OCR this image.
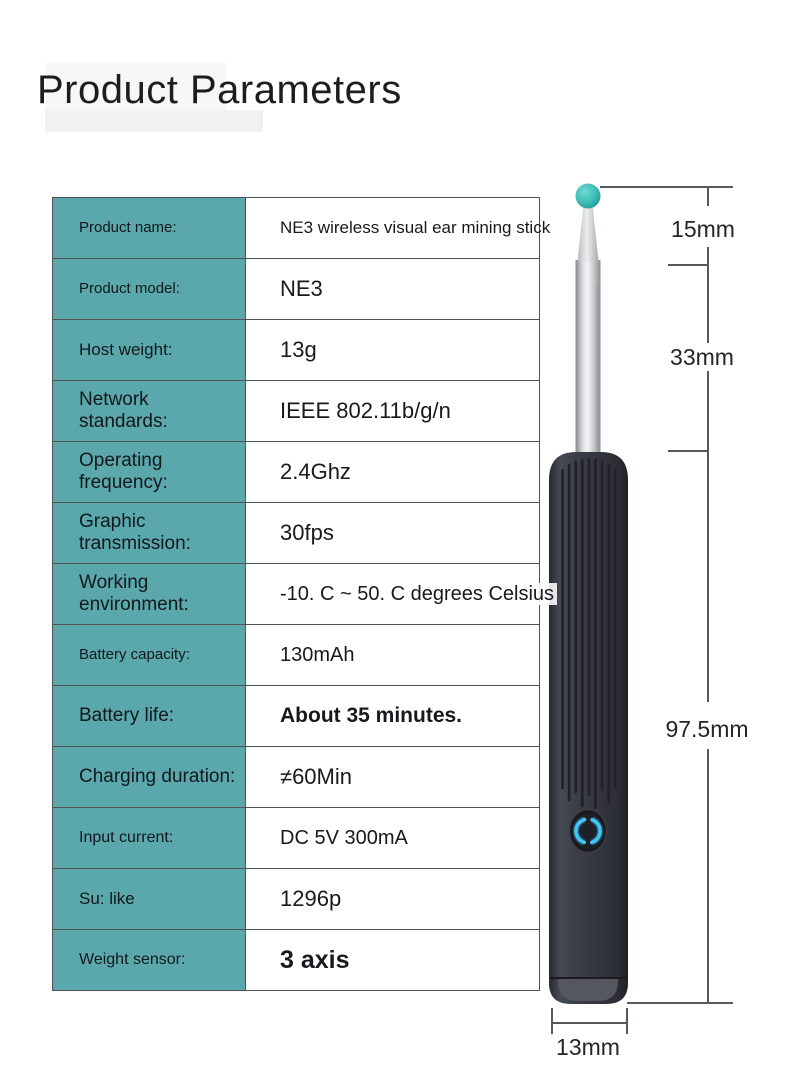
Product Parameters
Product name:	NE3 wireless visual ear mining stick
Product model:	NE3
Host weight:	13g
Network standards:	IEEE 802.11b/g/n
Operating frequency:	2.4Ghz
Graphic transmission:	30fps
Working environment:	-10. C ~ 50. C degrees Celsius
Battery capacity:	130mAh
Battery life:	About 35 minutes.
Charging duration:	≠60Min
Input current:	DC 5V 300mA
Su: like	1296p
Weight sensor:	3 axis
15mm
33mm
97.5mm
13mm
